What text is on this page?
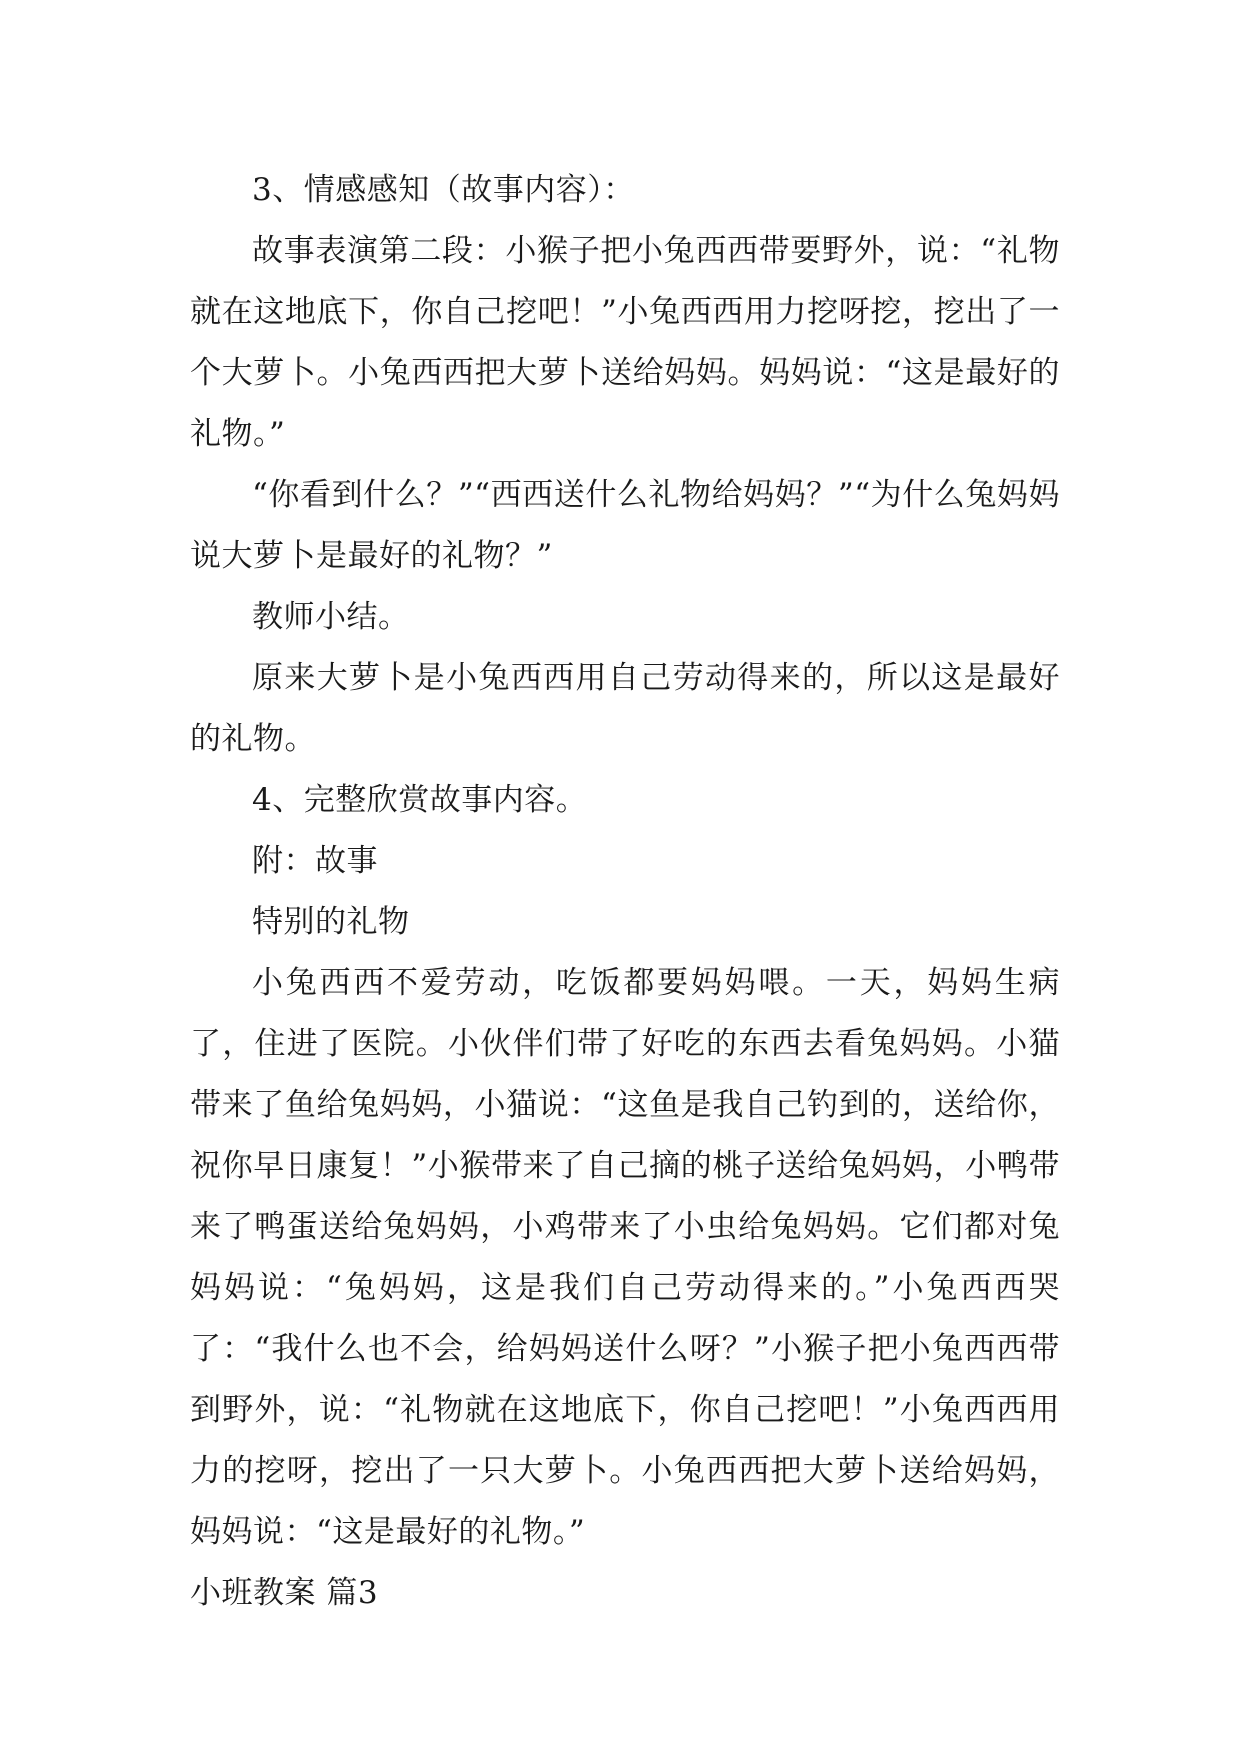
3、情感感知（故事内容）：

故事表演第二段：小猴子把小兔西西带要野外，说：“礼物就在这地底下，你自己挖吧！”小兔西西用力挖呀挖，挖出了一个大萝卜。小兔西西把大萝卜送给妈妈。妈妈说：“这是最好的礼物。”

“你看到什么？”“西西送什么礼物给妈妈？”“为什么兔妈妈说大萝卜是最好的礼物？”

教师小结。

原来大萝卜是小兔西西用自己劳动得来的，所以这是最好的礼物。

4、完整欣赏故事内容。

附：故事

特别的礼物

小兔西西不爱劳动，吃饭都要妈妈喂。一天，妈妈生病了，住进了医院。小伙伴们带了好吃的东西去看兔妈妈。小猫带来了鱼给兔妈妈，小猫说：“这鱼是我自己钓到的，送给你，祝你早日康复！”小猴带来了自己摘的桃子送给兔妈妈，小鸭带来了鸭蛋送给兔妈妈，小鸡带来了小虫给兔妈妈。它们都对兔妈妈说：“兔妈妈，这是我们自己劳动得来的。”小兔西西哭了：“我什么也不会，给妈妈送什么呀？”小猴子把小兔西西带到野外，说：“礼物就在这地底下，你自己挖吧！”小兔西西用力的挖呀，挖出了一只大萝卜。小兔西西把大萝卜送给妈妈，妈妈说：“这是最好的礼物。”

小班教案 篇3
